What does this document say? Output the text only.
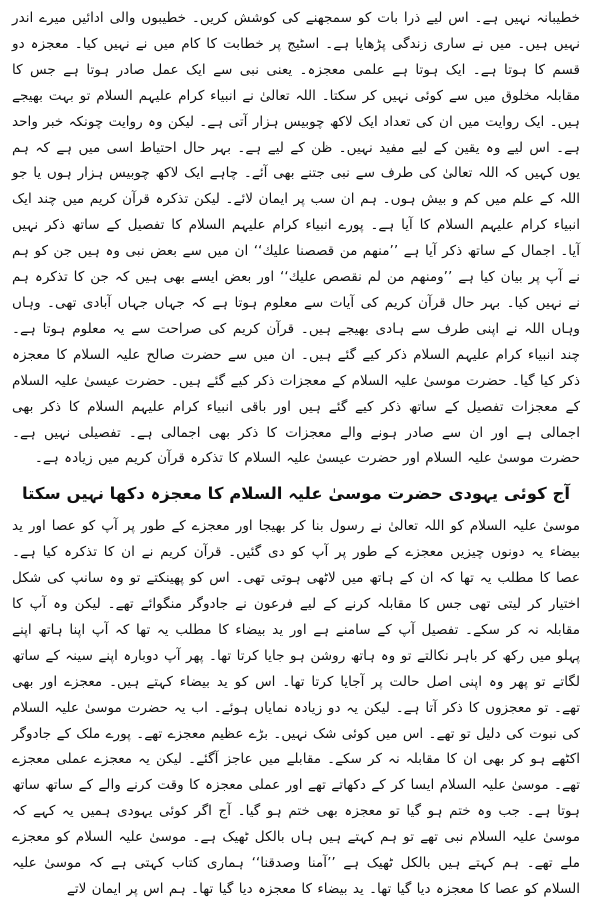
خطیبانہ نہیں ہے۔ اس لیے ذرا بات کو سمجھنے کی کوشش کریں۔ خطیبوں والی ادائیں میرے اندر نہیں ہیں۔ میں نے ساری زندگی پڑھایا ہے۔ اسٹیج پر خطابت کا کام میں نے نہیں کیا۔ معجزہ دو قسم کا ہوتا ہے۔ ایک ہوتا ہے علمی معجزہ۔ یعنی نبی سے ایک عمل صادر ہوتا ہے جس کا مقابلہ مخلوق میں سے کوئی نہیں کر سکتا۔ اللہ تعالیٰ نے انبیاء کرام علیہم السلام تو بہت بھیجے ہیں۔ ایک روایت میں ان کی تعداد ایک لاکھ چوبیس ہزار آتی ہے۔ لیکن وہ روایت چونکہ خبر واحد ہے۔ اس لیے وہ یقین کے لیے مفید نہیں۔ ظن کے لیے ہے۔ بہر حال احتیاط اسی میں ہے کہ ہم یوں کہیں کہ اللہ تعالیٰ کی طرف سے نبی جتنے بھی آئے۔ چاہے ایک لاکھ چوبیس ہزار ہوں یا جو اللہ کے علم میں کم و بیش ہوں۔ ہم ان سب پر ایمان لائے۔ لیکن تذکرہ قرآن کریم میں چند ایک انبیاء کرام علیہم السلام کا آیا ہے۔ پورے انبیاء کرام علیہم السلام کا تفصیل کے ساتھ ذکر نہیں آیا۔ اجمال کے ساتھ ذکر آیا ہے ’’منهم من قصصنا عليك‘‘ ان میں سے بعض نبی وہ ہیں جن کو ہم نے آپ پر بیان کیا ہے ’’ومنهم من لم نقصص عليك‘‘ اور بعض ایسے بھی ہیں کہ جن کا تذکرہ ہم نے نہیں کیا۔ بہر حال قرآن کریم کی آیات سے معلوم ہوتا ہے کہ جہاں جہاں آبادی تھی۔ وہاں وہاں اللہ نے اپنی طرف سے ہادی بھیجے ہیں۔ قرآن کریم کی صراحت سے یہ معلوم ہوتا ہے۔ چند انبیاء کرام علیہم السلام ذکر کیے گئے ہیں۔ ان میں سے حضرت صالح علیہ السلام کا معجزہ ذکر کیا گیا۔ حضرت موسیٰ علیہ السلام کے معجزات ذکر کیے گئے ہیں۔ حضرت عیسیٰ علیہ السلام کے معجزات تفصیل کے ساتھ ذکر کیے گئے ہیں اور باقی انبیاء کرام علیہم السلام کا ذکر بھی اجمالی ہے اور ان سے صادر ہونے والے معجزات کا ذکر بھی اجمالی ہے۔ تفصیلی نہیں ہے۔ حضرت موسیٰ علیہ السلام اور حضرت عیسیٰ علیہ السلام کا تذکرہ قرآن کریم میں زیادہ ہے۔

آج کوئی یہودی حضرت موسیٰ علیہ السلام کا معجزہ دکھا نہیں سکتا

موسیٰ علیہ السلام کو اللہ تعالیٰ نے رسول بنا کر بھیجا اور معجزے کے طور پر آپ کو عصا اور ید بیضاء یہ دونوں چیزیں معجزے کے طور پر آپ کو دی گئیں۔ قرآن کریم نے ان کا تذکرہ کیا ہے۔ عصا کا مطلب یہ تھا کہ ان کے ہاتھ میں لاٹھی ہوتی تھی۔ اس کو پھینکتے تو وہ سانپ کی شکل اختیار کر لیتی تھی جس کا مقابلہ کرنے کے لیے فرعون نے جادوگر منگوائے تھے۔ لیکن وہ آپ کا مقابلہ نہ کر سکے۔ تفصیل آپ کے سامنے ہے اور ید بیضاء کا مطلب یہ تھا کہ آپ اپنا ہاتھ اپنے پہلو میں رکھ کر باہر نکالتے تو وہ ہاتھ روشن ہو جایا کرتا تھا۔ پھر آپ دوبارہ اپنے سینہ کے ساتھ لگاتے تو پھر وہ اپنی اصل حالت پر آجایا کرتا تھا۔ اس کو ید بیضاء کہتے ہیں۔ معجزے اور بھی تھے۔ تو معجزوں کا ذکر آتا ہے۔ لیکن یہ دو زیادہ نمایاں ہوئے۔ اب یہ حضرت موسیٰ علیہ السلام کی نبوت کی دلیل تو تھے۔ اس میں کوئی شک نہیں۔ بڑے عظیم معجزے تھے۔ پورے ملک کے جادوگر اکٹھے ہو کر بھی ان کا مقابلہ نہ کر سکے۔ مقابلے میں عاجز آگئے۔ لیکن یہ معجزے عملی معجزے تھے۔ موسیٰ علیہ السلام ایسا کر کے دکھاتے تھے اور عملی معجزہ کا وقت کرنے والے کے ساتھ ساتھ ہوتا ہے۔ جب وہ ختم ہو گیا تو معجزہ بھی ختم ہو گیا۔ آج اگر کوئی یہودی ہمیں یہ کہے کہ موسیٰ علیہ السلام نبی تھے تو ہم کہتے ہیں ہاں بالکل ٹھیک ہے۔ موسیٰ علیہ السلام کو معجزے ملے تھے۔ ہم کہتے ہیں بالکل ٹھیک ہے ’’آمنا وصدقنا‘‘ ہماری کتاب کہتی ہے کہ موسیٰ علیہ السلام کو عصا کا معجزہ دیا گیا تھا۔ ید بیضاء کا معجزہ دیا گیا تھا۔ ہم اس پر ایمان لاتے
